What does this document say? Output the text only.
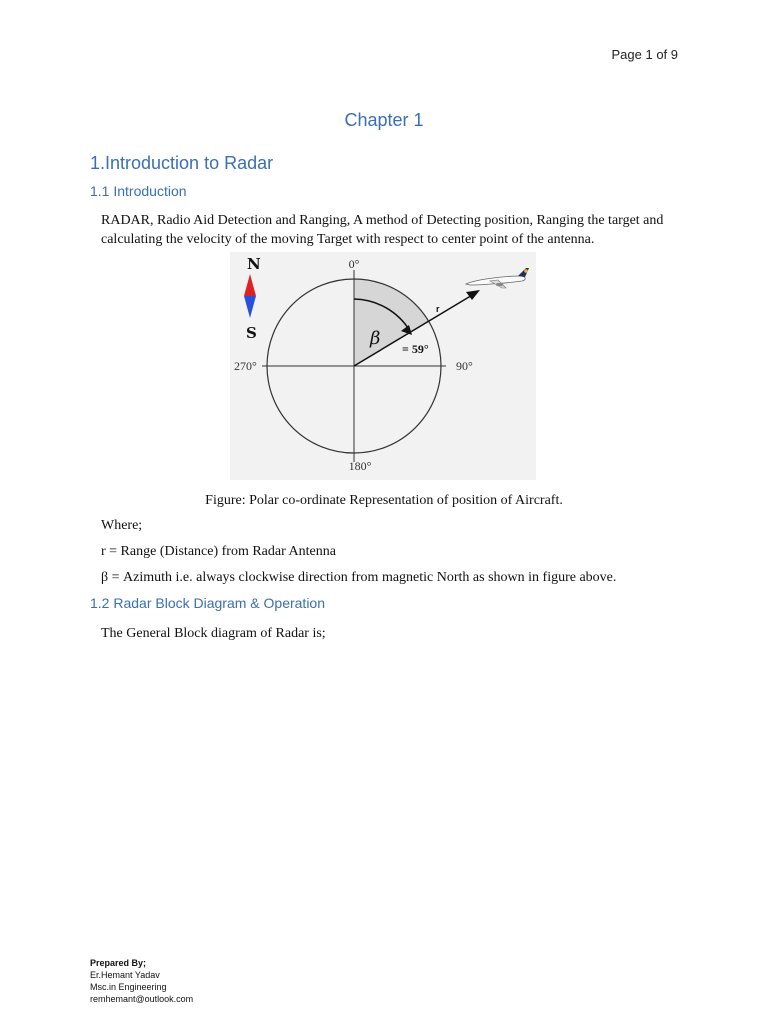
Page 1 of 9
Chapter 1
1.Introduction to Radar
1.1 Introduction
RADAR, Radio Aid Detection and Ranging, A method of Detecting position, Ranging the target and calculating the velocity of the moving Target with respect to center point of the antenna.
N
S
0°
90°
180°
270°
r
β = 59°
Figure: Polar co-ordinate Representation of position of Aircraft.
Where;
r = Range (Distance) from Radar Antenna
β = Azimuth i.e. always clockwise direction from magnetic North as shown in figure above.
1.2 Radar Block Diagram & Operation
The General Block diagram of Radar is;
Prepared By;
Er.Hemant Yadav
Msc.in Engineering
remhemant@outlook.com
